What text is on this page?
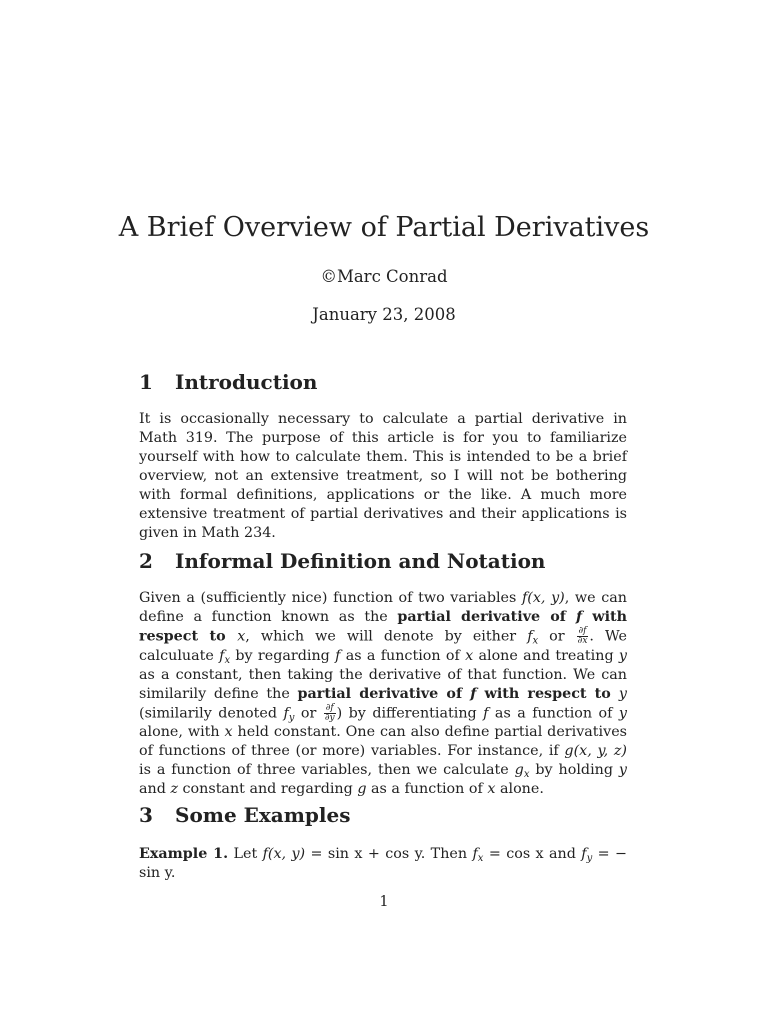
A Brief Overview of Partial Derivatives
©Marc Conrad
January 23, 2008
1 Introduction

It is occasionally necessary to calculate a partial derivative in Math 319. The purpose of this article is for you to familiarize yourself with how to calculate them. This is intended to be a brief overview, not an extensive treatment, so I will not be bothering with formal definitions, applications or the like. A much more extensive treatment of partial derivatives and their applications is given in Math 234.

2 Informal Definition and Notation

Given a (sufficiently nice) function of two variables f(x, y), we can define a function known as the partial derivative of f with respect to x, which we will denote by either $f_x$ or $\frac{\partial f}{\partial x}$ . We calculuate $f_x$ by regarding f as a function of x alone and treating y as a constant, then taking the derivative of that function. We can similarily define the partial derivative of f with respect to y (similarily denoted $f_y$ or $\frac{\partial f}{\partial y}$ ) by differentiating f as a function of y alone, with x held constant. One can also define partial derivatives of functions of three (or more) variables. For instance, if g(x, y, z) is a function of three variables, then we calculate $g_x$ by holding y and z constant and regarding g as a function of x alone.

3 Some Examples

Example 1. Let f(x, y) = sin x + cos y. Then $f_x = \cos x$ and $f_y$ = − sin y.

1
